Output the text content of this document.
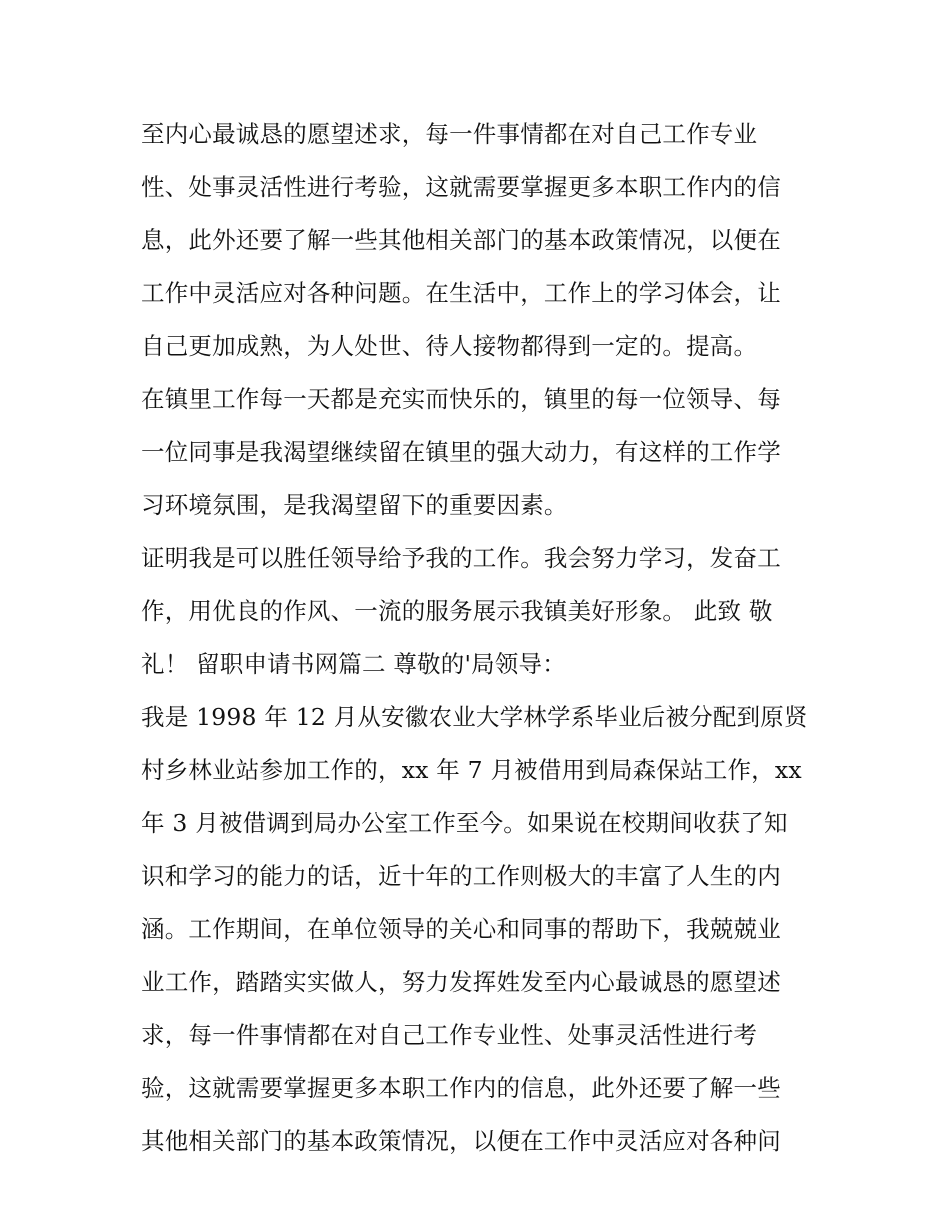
至内心最诚恳的愿望述求，每一件事情都在对自己工作专业
性、处事灵活性进行考验，这就需要掌握更多本职工作内的信
息，此外还要了解一些其他相关部门的基本政策情况，以便在
工作中灵活应对各种问题。在生活中，工作上的学习体会，让
自己更加成熟，为人处世、待人接物都得到一定的。提高。
在镇里工作每一天都是充实而快乐的，镇里的每一位领导、每
一位同事是我渴望继续留在镇里的强大动力，有这样的工作学
习环境氛围，是我渴望留下的重要因素。
证明我是可以胜任领导给予我的工作。我会努力学习，发奋工
作，用优良的作风、一流的服务展示我镇美好形象。 此致 敬
礼！ 留职申请书网篇二 尊敬的'局领导：
我是 1998 年 12 月从安徽农业大学林学系毕业后被分配到原贤
村乡林业站参加工作的，xx 年 7 月被借用到局森保站工作，xx
年 3 月被借调到局办公室工作至今。如果说在校期间收获了知
识和学习的能力的话，近十年的工作则极大的丰富了人生的内
涵。工作期间，在单位领导的关心和同事的帮助下，我兢兢业
业工作，踏踏实实做人，努力发挥姓发至内心最诚恳的愿望述
求，每一件事情都在对自己工作专业性、处事灵活性进行考
验，这就需要掌握更多本职工作内的信息，此外还要了解一些
其他相关部门的基本政策情况，以便在工作中灵活应对各种问
